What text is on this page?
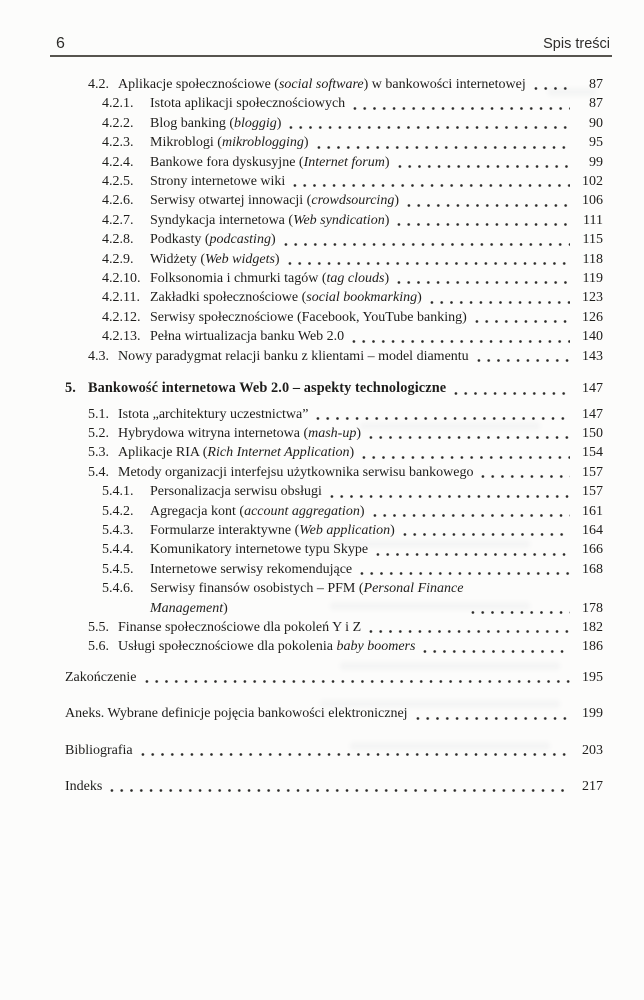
6	Spis treści
4.2. Aplikacje społecznościowe (social software) w bankowości internetowej	87
4.2.1.	Istota aplikacji społecznościowych	87
4.2.2.	Blog banking (bloggig)	90
4.2.3.	Mikroblogi (mikroblogging)	95
4.2.4.	Bankowe fora dyskusyjne (Internet forum)	99
4.2.5.	Strony internetowe wiki	102
4.2.6.	Serwisy otwartej innowacji (crowdsourcing)	106
4.2.7.	Syndykacja internetowa (Web syndication)	111
4.2.8.	Podkasty (podcasting)	115
4.2.9.	Widżety (Web widgets)	118
4.2.10. Folksonomia i chmurki tagów (tag clouds)	119
4.2.11. Zakładki społecznościowe (social bookmarking)	123
4.2.12. Serwisy społecznościowe (Facebook, YouTube banking)	126
4.2.13. Pełna wirtualizacja banku Web 2.0	140
4.3. Nowy paradygmat relacji banku z klientami – model diamentu	143
5. Bankowość internetowa Web 2.0 – aspekty technologiczne	147
5.1. Istota „architektury uczestnictwa”	147
5.2. Hybrydowa witryna internetowa (mash-up)	150
5.3. Aplikacje RIA (Rich Internet Application)	154
5.4. Metody organizacji interfejsu użytkownika serwisu bankowego	157
5.4.1.	Personalizacja serwisu obsługi	157
5.4.2.	Agregacja kont (account aggregation)	161
5.4.3.	Formularze interaktywne (Web application)	164
5.4.4.	Komunikatory internetowe typu Skype	166
5.4.5.	Internetowe serwisy rekomendujące	168
5.4.6.	Serwisy finansów osobistych – PFM (Personal Finance
Management)	178
5.5. Finanse społecznościowe dla pokoleń Y i Z	182
5.6. Usługi społecznościowe dla pokolenia baby boomers	186
Zakończenie	195
Aneks. Wybrane definicje pojęcia bankowości elektronicznej	199
Bibliografia	203
Indeks	217
